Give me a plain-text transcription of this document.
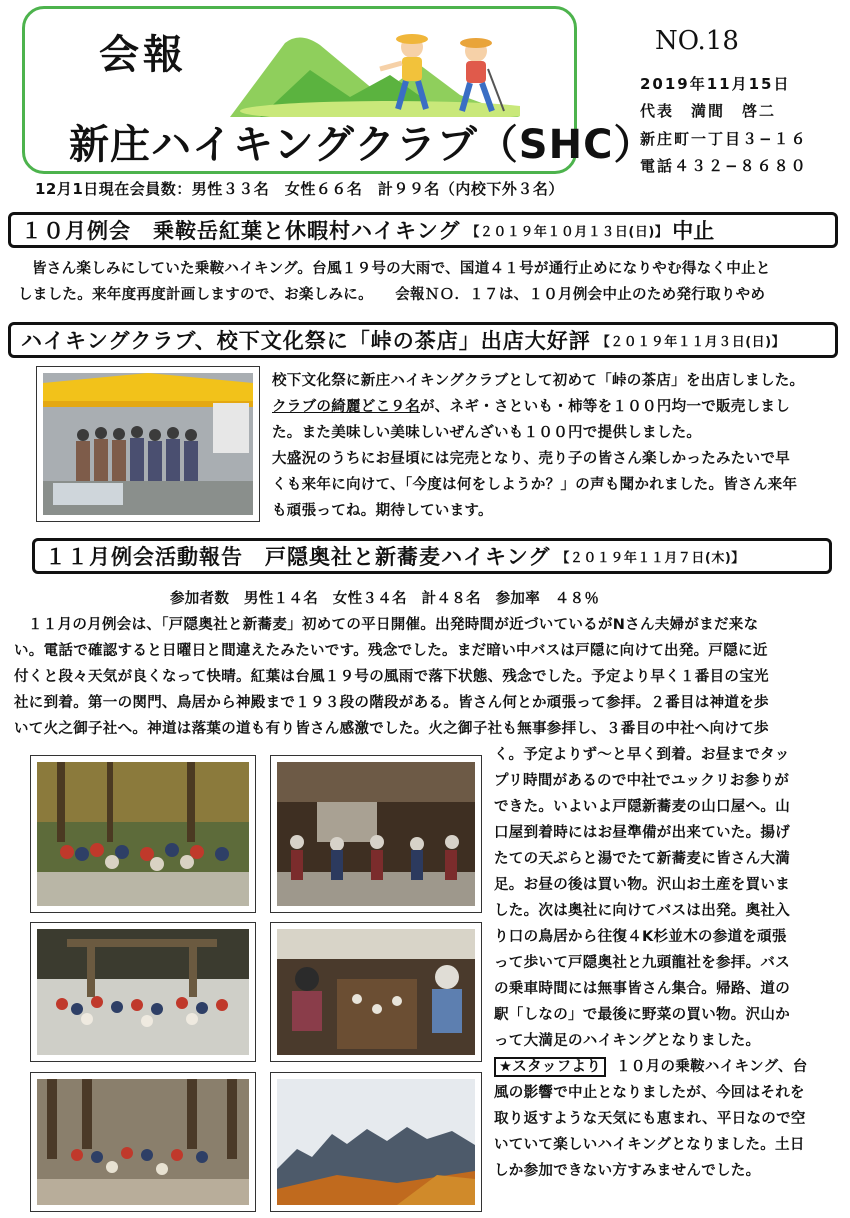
会報
新庄ハイキングクラブ（SHC）
NO.18
2019年11月15日
代表　満間　啓二
新庄町一丁目３−１６
電話４３２−８６８０
12月1日現在会員数：男性３３名　女性６６名　計９９名（内校下外３名）
１０月例会　乗鞍岳紅葉と休暇村ハイキング 【２０１９年１０月１３日(日)】 中止

皆さん楽しみにしていた乗鞍ハイキング。台風１９号の大雨で、国道４１号が通行止めになりやむ得なく中止と

しました。来年度再度計画しますので、お楽しみに。　　会報ＮＯ．１７は、１０月例会中止のため発行取りやめ

ハイキングクラブ、校下文化祭に「峠の茶店」出店大好評 【２０１９年１１月３日(日)】

校下文化祭に新庄ハイキングクラブとして初めて「峠の茶店」を出店しました。

クラブの綺麗どこ９名が、ネギ・さといも・柿等を１００円均一で販売しまし

た。また美味しい美味しいぜんざいも１００円で提供しました。

大盛況のうちにお昼頃には完売となり、売り子の皆さん楽しかったみたいで早

くも来年に向けて、「今度は何をしようか？」の声も聞かれました。皆さん来年

も頑張ってね。期待しています。

１１月例会活動報告　戸隠奥社と新蕎麦ハイキング 【２０１９年１１月７日(木)】

参加者数　男性１４名　女性３４名　計４８名　参加率　４８％

１１月の月例会は、「戸隠奥社と新蕎麦」初めての平日開催。出発時間が近づいているがNさん夫婦がまだ来な

い。電話で確認すると日曜日と間違えたみたいです。残念でした。まだ暗い中バスは戸隠に向けて出発。戸隠に近

付くと段々天気が良くなって快晴。紅葉は台風１９号の風雨で落下状態、残念でした。予定より早く１番目の宝光

社に到着。第一の関門、鳥居から神殿まで１９３段の階段がある。皆さん何とか頑張って参拝。２番目は神道を歩

いて火之御子社へ。神道は落葉の道も有り皆さん感激でした。火之御子社も無事参拝し、３番目の中社へ向けて歩

く。予定よりず～と早く到着。お昼までタッ

プリ時間があるので中社でユックリお参りが

できた。いよいよ戸隠新蕎麦の山口屋へ。山

口屋到着時にはお昼準備が出来ていた。揚げ

たての天ぷらと湯でたて新蕎麦に皆さん大満

足。お昼の後は買い物。沢山お土産を買いま

した。次は奥社に向けてバスは出発。奥社入

り口の鳥居から往復４K杉並木の参道を頑張

って歩いて戸隠奥社と九頭龍社を参拝。バス

の乗車時間には無事皆さん集合。帰路、道の

駅「しなの」で最後に野菜の買い物。沢山か

って大満足のハイキングとなりました。

★スタッフより １０月の乗鞍ハイキング、台

風の影響で中止となりましたが、今回はそれを

取り返すような天気にも恵まれ、平日なので空

いていて楽しいハイキングとなりました。土日

しか参加できない方すみませんでした。
